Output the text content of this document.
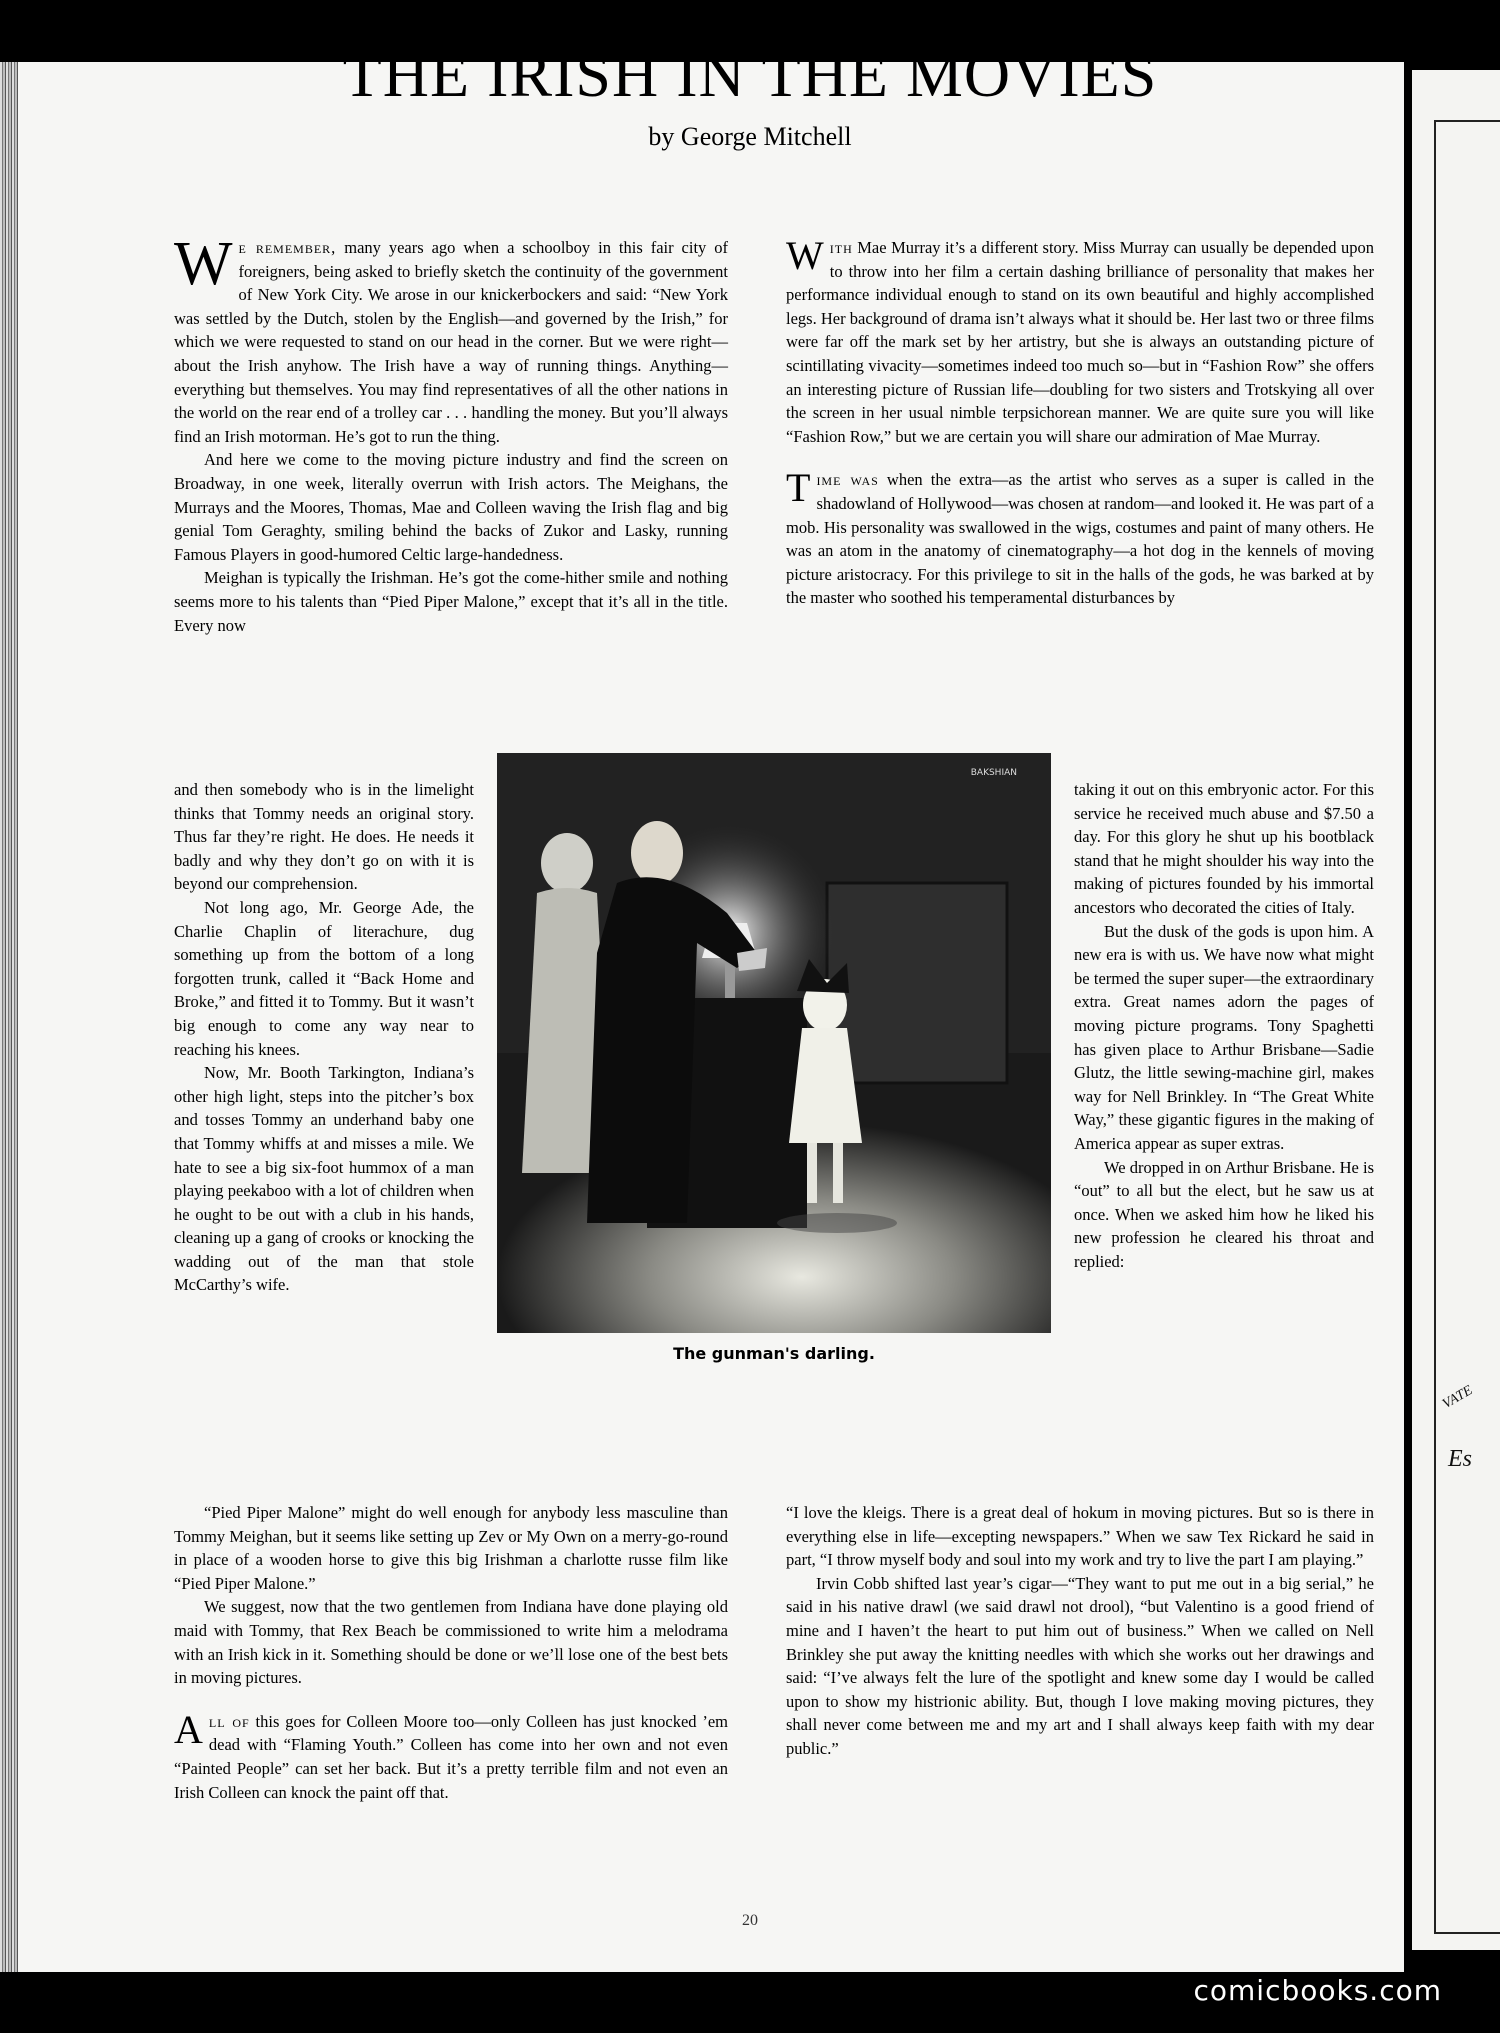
VATE
Es
THE IRISH IN THE MOVIES
by George Mitchell

We remember, many years ago when a schoolboy in this fair city of foreigners, being asked to briefly sketch the continuity of the government of New York City. We arose in our knickerbockers and said: “New York was settled by the Dutch, stolen by the English—and governed by the Irish,” for which we were requested to stand on our head in the corner. But we were right—about the Irish anyhow. The Irish have a way of running things. Anything—everything but themselves. You may find representatives of all the other nations in the world on the rear end of a trolley car . . . handling the money. But you’ll always find an Irish motorman. He’s got to run the thing.

And here we come to the moving picture industry and find the screen on Broadway, in one week, literally overrun with Irish actors. The Meighans, the Murrays and the Moores, Thomas, Mae and Colleen waving the Irish flag and big genial Tom Geraghty, smiling behind the backs of Zukor and Lasky, running Famous Players in good-humored Celtic large-handedness.

Meighan is typically the Irishman. He’s got the come-hither smile and nothing seems more to his talents than “Pied Piper Malone,” except that it’s all in the title. Every now

and then somebody who is in the limelight thinks that Tommy needs an original story. Thus far they’re right. He does. He needs it badly and why they don’t go on with it is beyond our comprehension.

Not long ago, Mr. George Ade, the Charlie Chaplin of literachure, dug something up from the bottom of a long forgotten trunk, called it “Back Home and Broke,” and fitted it to Tommy. But it wasn’t big enough to come any way near to reaching his knees.

Now, Mr. Booth Tarkington, Indiana’s other high light, steps into the pitcher’s box and tosses Tommy an underhand baby one that Tommy whiffs at and misses a mile. We hate to see a big six-foot hummox of a man playing peekaboo with a lot of children when he ought to be out with a club in his hands, cleaning up a gang of crooks or knocking the wadding out of the man that stole McCarthy’s wife.

“Pied Piper Malone” might do well enough for anybody less masculine than Tommy Meighan, but it seems like setting up Zev or My Own on a merry-go-round in place of a wooden horse to give this big Irishman a charlotte russe film like “Pied Piper Malone.”

We suggest, now that the two gentlemen from Indiana have done playing old maid with Tommy, that Rex Beach be commissioned to write him a melodrama with an Irish kick in it. Something should be done or we’ll lose one of the best bets in moving pictures.

All of this goes for Colleen Moore too—only Colleen has just knocked ’em dead with “Flaming Youth.” Colleen has come into her own and not even “Painted People” can set her back. But it’s a pretty terrible film and not even an Irish Colleen can knock the paint off that.

With Mae Murray it’s a different story. Miss Murray can usually be depended upon to throw into her film a certain dashing brilliance of personality that makes her performance individual enough to stand on its own beautiful and highly accomplished legs. Her background of drama isn’t always what it should be. Her last two or three films were far off the mark set by her artistry, but she is always an outstanding picture of scintillating vivacity—sometimes indeed too much so—but in “Fashion Row” she offers an interesting picture of Russian life—doubling for two sisters and Trotskying all over the screen in her usual nimble terpsichorean manner. We are quite sure you will like “Fashion Row,” but we are certain you will share our admiration of Mae Murray.

Time was when the extra—as the artist who serves as a super is called in the shadowland of Hollywood—was chosen at random—and looked it. He was part of a mob. His personality was swallowed in the wigs, costumes and paint of many others. He was an atom in the anatomy of cinematography—a hot dog in the kennels of moving picture aristocracy. For this privilege to sit in the halls of the gods, he was barked at by the master who soothed his temperamental disturbances by

taking it out on this embryonic actor. For this service he received much abuse and $7.50 a day. For this glory he shut up his bootblack stand that he might shoulder his way into the making of pictures founded by his immortal ancestors who decorated the cities of Italy.

But the dusk of the gods is upon him. A new era is with us. We have now what might be termed the super super—the extraordinary extra. Great names adorn the pages of moving picture programs. Tony Spaghetti has given place to Arthur Brisbane—Sadie Glutz, the little sewing-machine girl, makes way for Nell Brinkley. In “The Great White Way,” these gigantic figures in the making of America appear as super extras.

We dropped in on Arthur Brisbane. He is “out” to all but the elect, but he saw us at once. When we asked him how he liked his new profession he cleared his throat and replied:

“I love the kleigs. There is a great deal of hokum in moving pictures. But so is there in everything else in life—excepting newspapers.” When we saw Tex Rickard he said in part, “I throw myself body and soul into my work and try to live the part I am playing.”

Irvin Cobb shifted last year’s cigar—“They want to put me out in a big serial,” he said in his native drawl (we said drawl not drool), “but Valentino is a good friend of mine and I haven’t the heart to put him out of business.” When we called on Nell Brinkley she put away the knitting needles with which she works out her drawings and said: “I’ve always felt the lure of the spotlight and knew some day I would be called upon to show my histrionic ability. But, though I love making moving pictures, they shall never come between me and my art and I shall always keep faith with my dear public.”

BAKSHIAN
The gunman's darling.
20
comicbooks.com
